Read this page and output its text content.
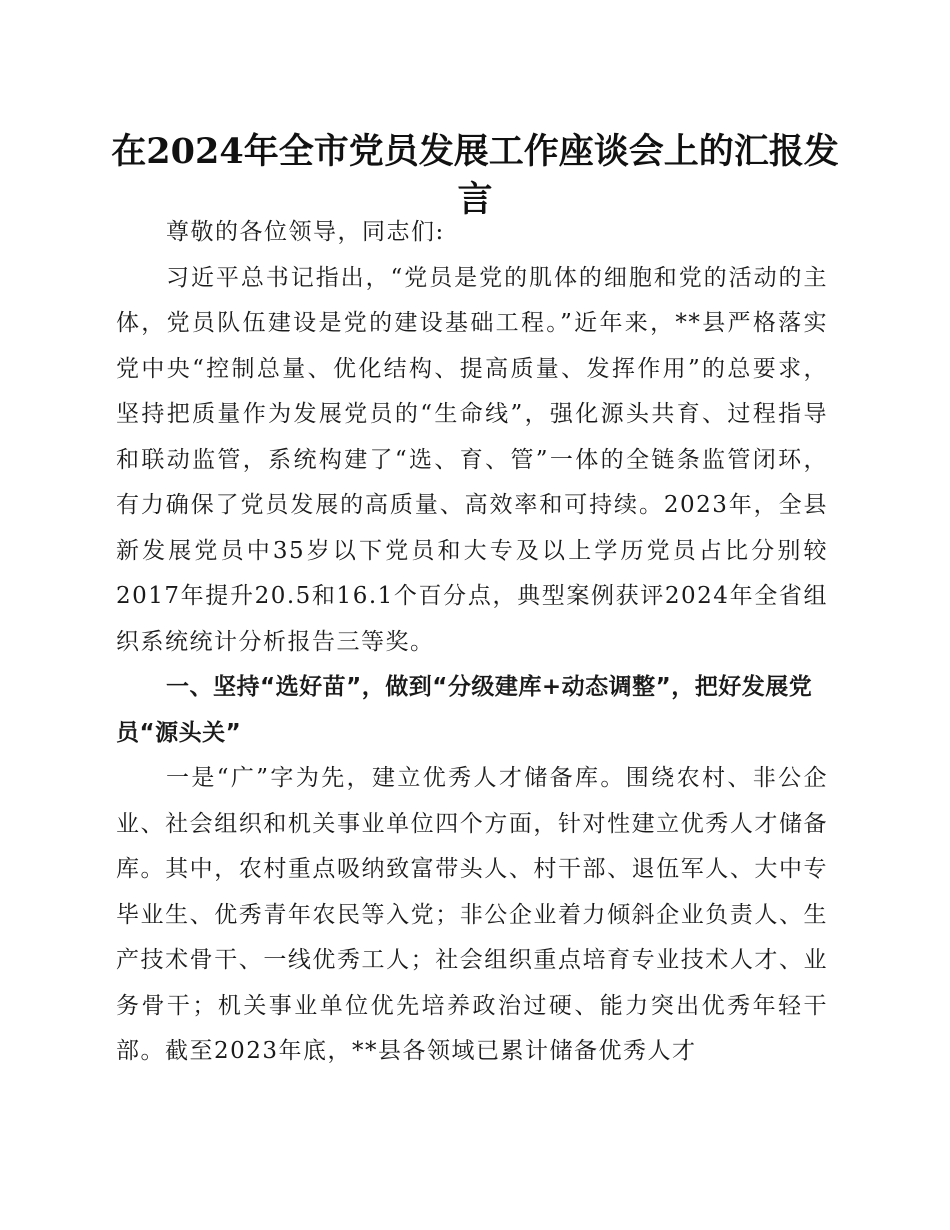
在2024年全市党员发展工作座谈会上的汇报发言

尊敬的各位领导，同志们:

习近平总书记指出，“党员是党的肌体的细胞和党的活动的主体，党员队伍建设是党的建设基础工程。”近年来，**县严格落实党中央“控制总量、优化结构、提高质量、发挥作用”的总要求，坚持把质量作为发展党员的“生命线”，强化源头共育、过程指导和联动监管，系统构建了“选、育、管”一体的全链条监管闭环，有力确保了党员发展的高质量、高效率和可持续。2023年，全县新发展党员中35岁以下党员和大专及以上学历党员占比分别较2017年提升20.5和16.1个百分点，典型案例获评2024年全省组织系统统计分析报告三等奖。

一、坚持“选好苗”，做到“分级建库+动态调整”，把好发展党员“源头关”

一是“广”字为先，建立优秀人才储备库。围绕农村、非公企业、社会组织和机关事业单位四个方面，针对性建立优秀人才储备库。其中，农村重点吸纳致富带头人、村干部、退伍军人、大中专毕业生、优秀青年农民等入党；非公企业着力倾斜企业负责人、生产技术骨干、一线优秀工人；社会组织重点培育专业技术人才、业务骨干；机关事业单位优先培养政治过硬、能力突出优秀年轻干部。截至2023年底，**县各领域已累计储备优秀人才
